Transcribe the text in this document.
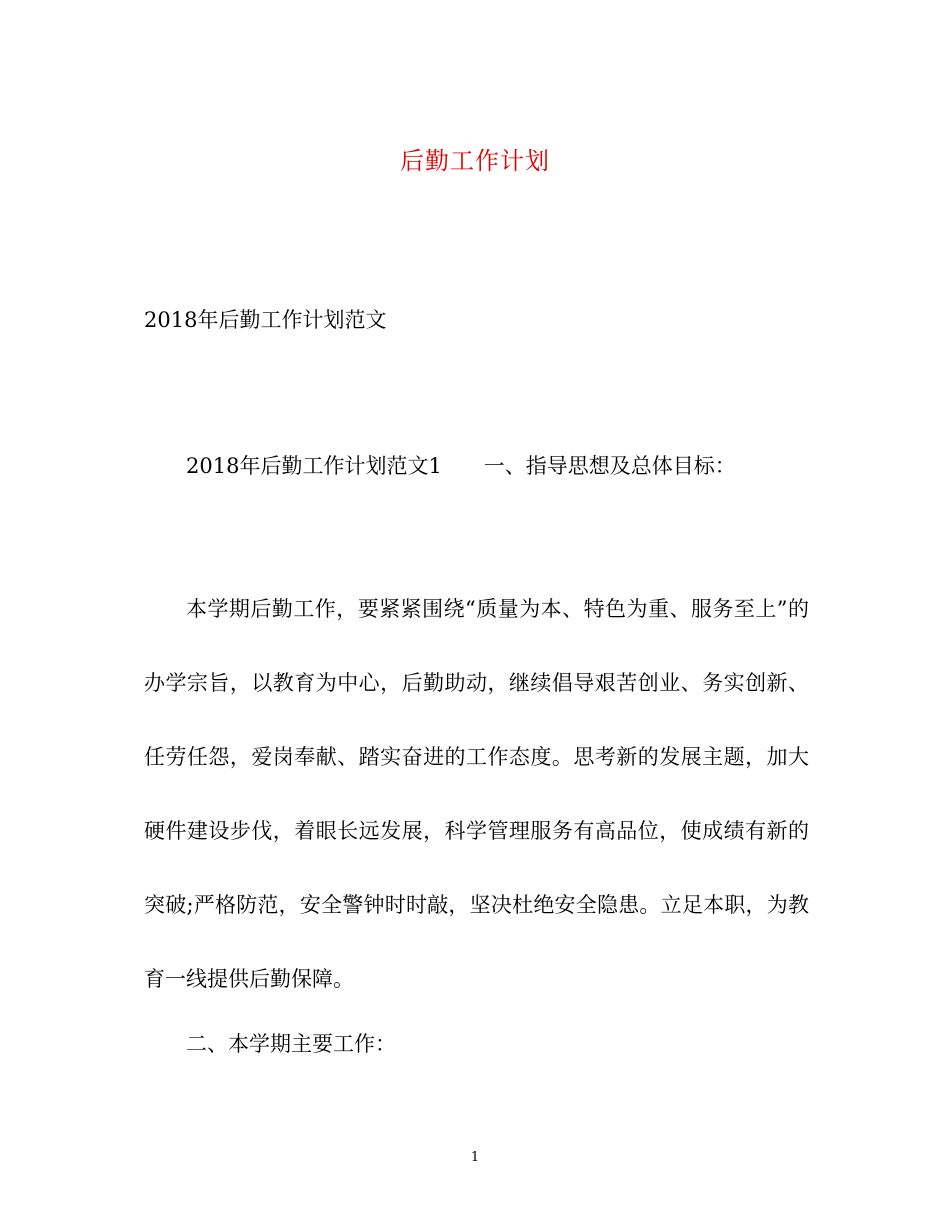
后勤工作计划
2018年后勤工作计划范文
2018年后勤工作计划范文1　　一、指导思想及总体目标：

本学期后勤工作，要紧紧围绕“质量为本、特色为重、服务至上”的办学宗旨，以教育为中心，后勤助动，继续倡导艰苦创业、务实创新、任劳任怨，爱岗奉献、踏实奋进的工作态度。思考新的发展主题，加大硬件建设步伐，着眼长远发展，科学管理服务有高品位，使成绩有新的突破;严格防范，安全警钟时时敲，坚决杜绝安全隐患。立足本职，为教育一线提供后勤保障。

二、本学期主要工作：
1
